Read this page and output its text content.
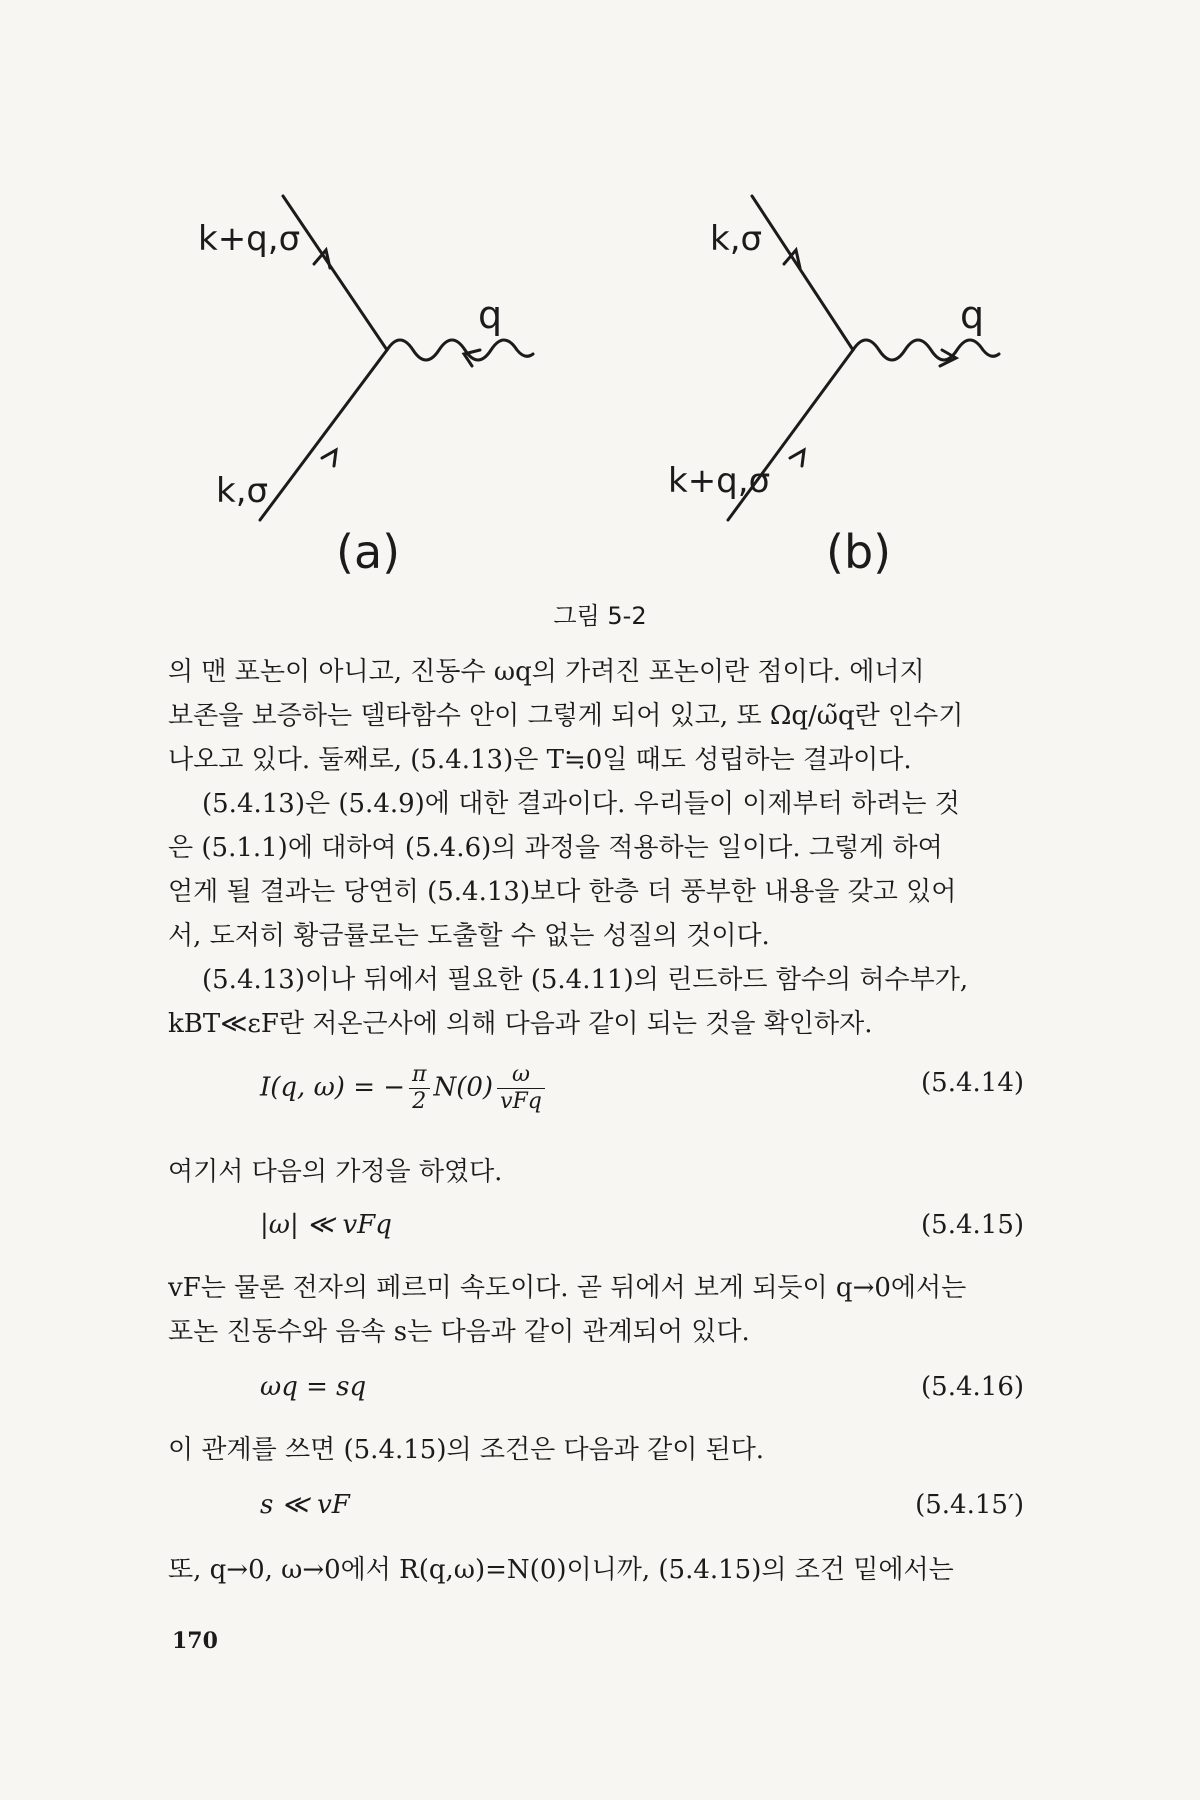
k+q,σ
q
k,σ
(a)
k,σ
q
k+q,σ
(b)
그림 5-2
의 맨 포논이 아니고, 진동수 ωq의 가려진 포논이란 점이다. 에너지
보존을 보증하는 델타함수 안이 그렇게 되어 있고, 또 Ωq/ω̃q란 인수기
나오고 있다. 둘째로, (5.4.13)은 T≒0일 때도 성립하는 결과이다.
(5.4.13)은 (5.4.9)에 대한 결과이다. 우리들이 이제부터 하려는 것
은 (5.1.1)에 대하여 (5.4.6)의 과정을 적용하는 일이다. 그렇게 하여
얻게 될 결과는 당연히 (5.4.13)보다 한층 더 풍부한 내용을 갖고 있어
서, 도저히 황금률로는 도출할 수 없는 성질의 것이다.
(5.4.13)이나 뒤에서 필요한 (5.4.11)의 린드하드 함수의 허수부가,
kBT≪εF란 저온근사에 의해 다음과 같이 되는 것을 확인하자.
I(q, ω) = − $\frac{\pi}{2} N(0) \frac{\omega}{\text{vFq}}$	(5.4.14)
여기서 다음의 가정을 하였다.
|ω| ≪ vFq	(5.4.15)
vF는 물론 전자의 페르미 속도이다. 곧 뒤에서 보게 되듯이 q→0에서는
포논 진동수와 음속 s는 다음과 같이 관계되어 있다.
ωq = sq	(5.4.16)
이 관계를 쓰면 (5.4.15)의 조건은 다음과 같이 된다.
s ≪ vF	(5.4.15′)
또, q→0, ω→0에서 R(q,ω)=N(0)이니까, (5.4.15)의 조건 밑에서는
170
